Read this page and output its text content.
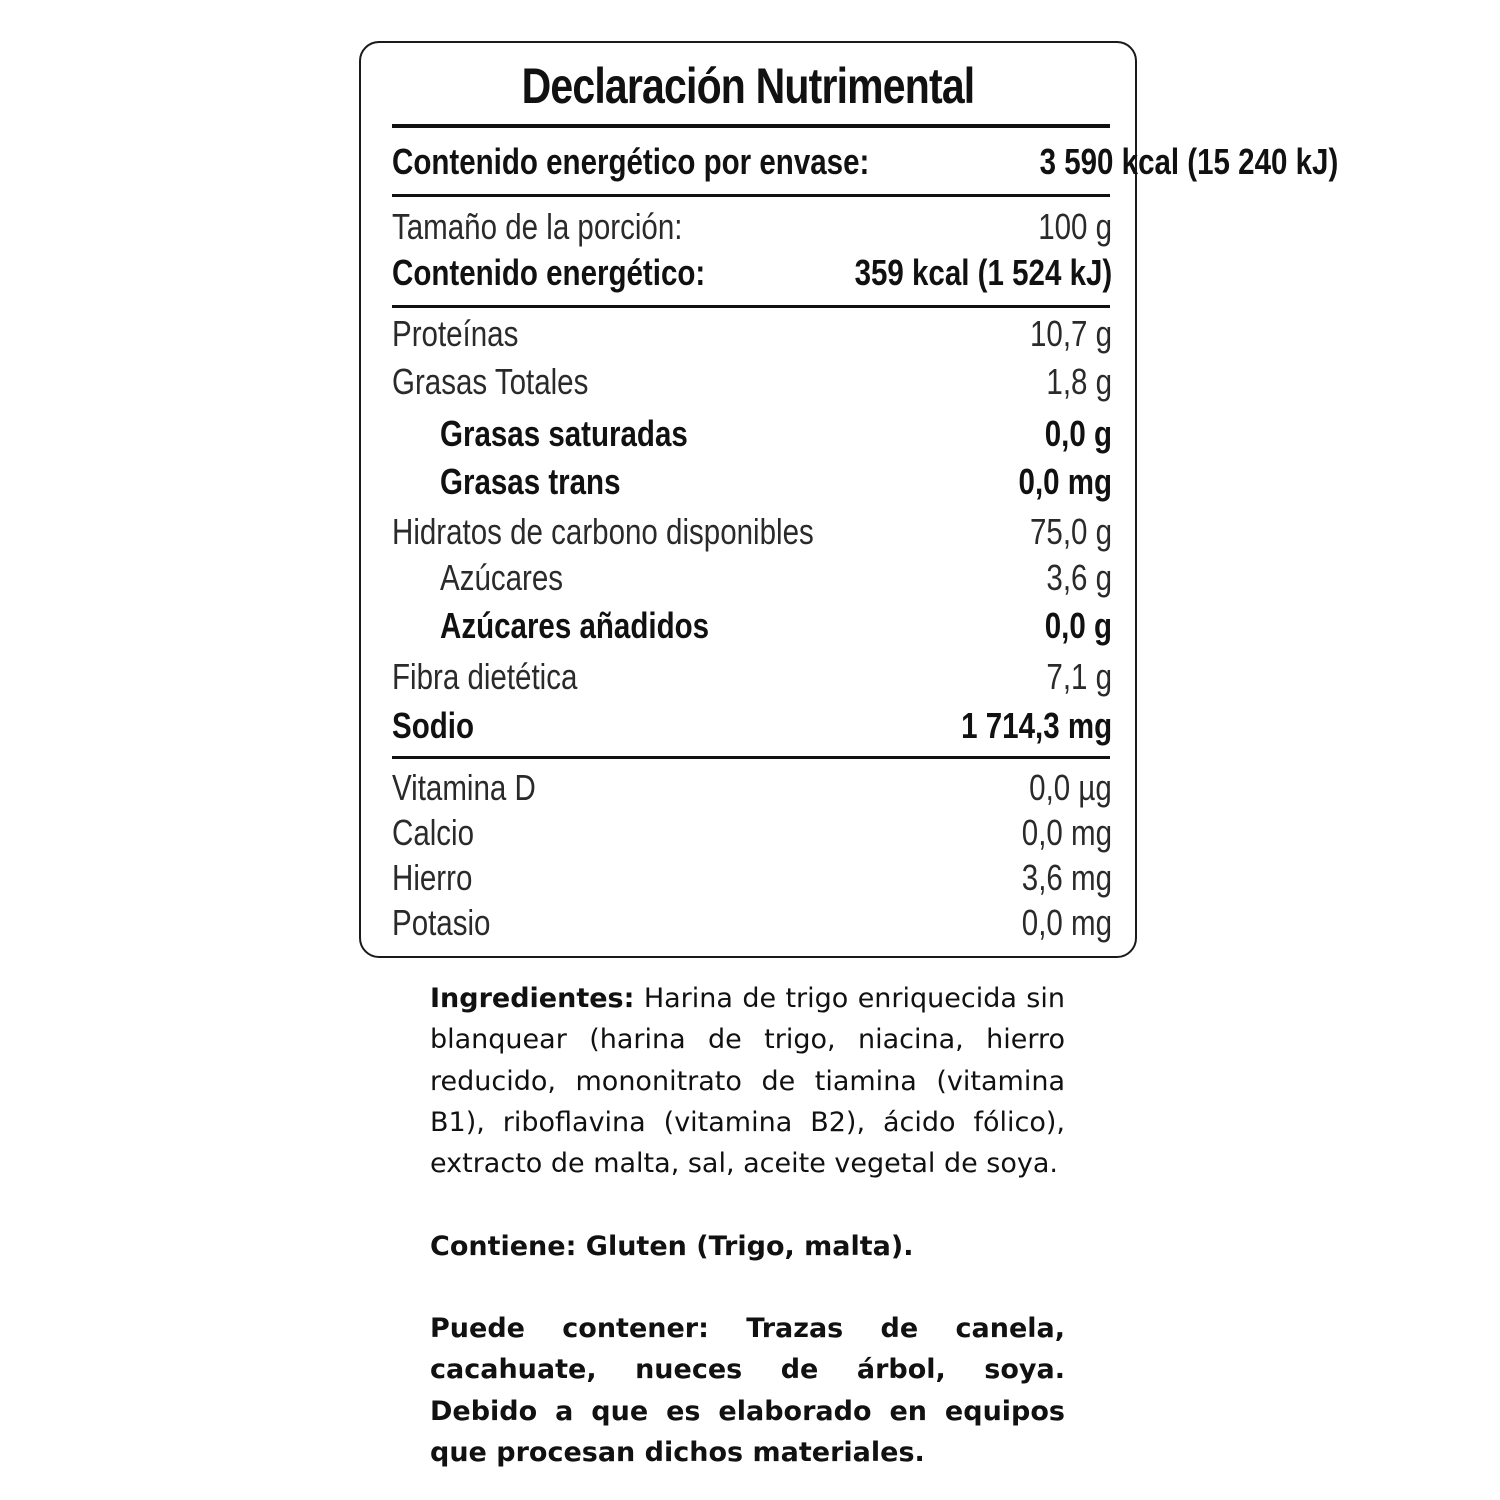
Declaración Nutrimental
Contenido energético por envase:	3 590 kcal (15 240 kJ)
Tamaño de la porción:	100 g
Contenido energético:	359 kcal (1 524 kJ)
Proteínas	10,7 g
Grasas Totales	1,8 g
Grasas saturadas	0,0 g
Grasas trans	0,0 mg
Hidratos de carbono disponibles	75,0 g
Azúcares	3,6 g
Azúcares añadidos	0,0 g
Fibra dietética	7,1 g
Sodio	1 714,3 mg
Vitamina D	0,0 µg
Calcio	0,0 mg
Hierro	3,6 mg
Potasio	0,0 mg
Ingredientes: Harina de trigo enriquecida sin blanquear (harina de trigo, niacina, hierro reducido, mononitrato de tiamina (vitamina B1), riboflavina (vitamina B2), ácido fólico), extracto de malta, sal, aceite vegetal de soya.
Contiene: Gluten (Trigo, malta).
Puede contener: Trazas de canela, cacahuate, nueces de árbol, soya. Debido a que es elaborado en equipos que procesan dichos materiales.
